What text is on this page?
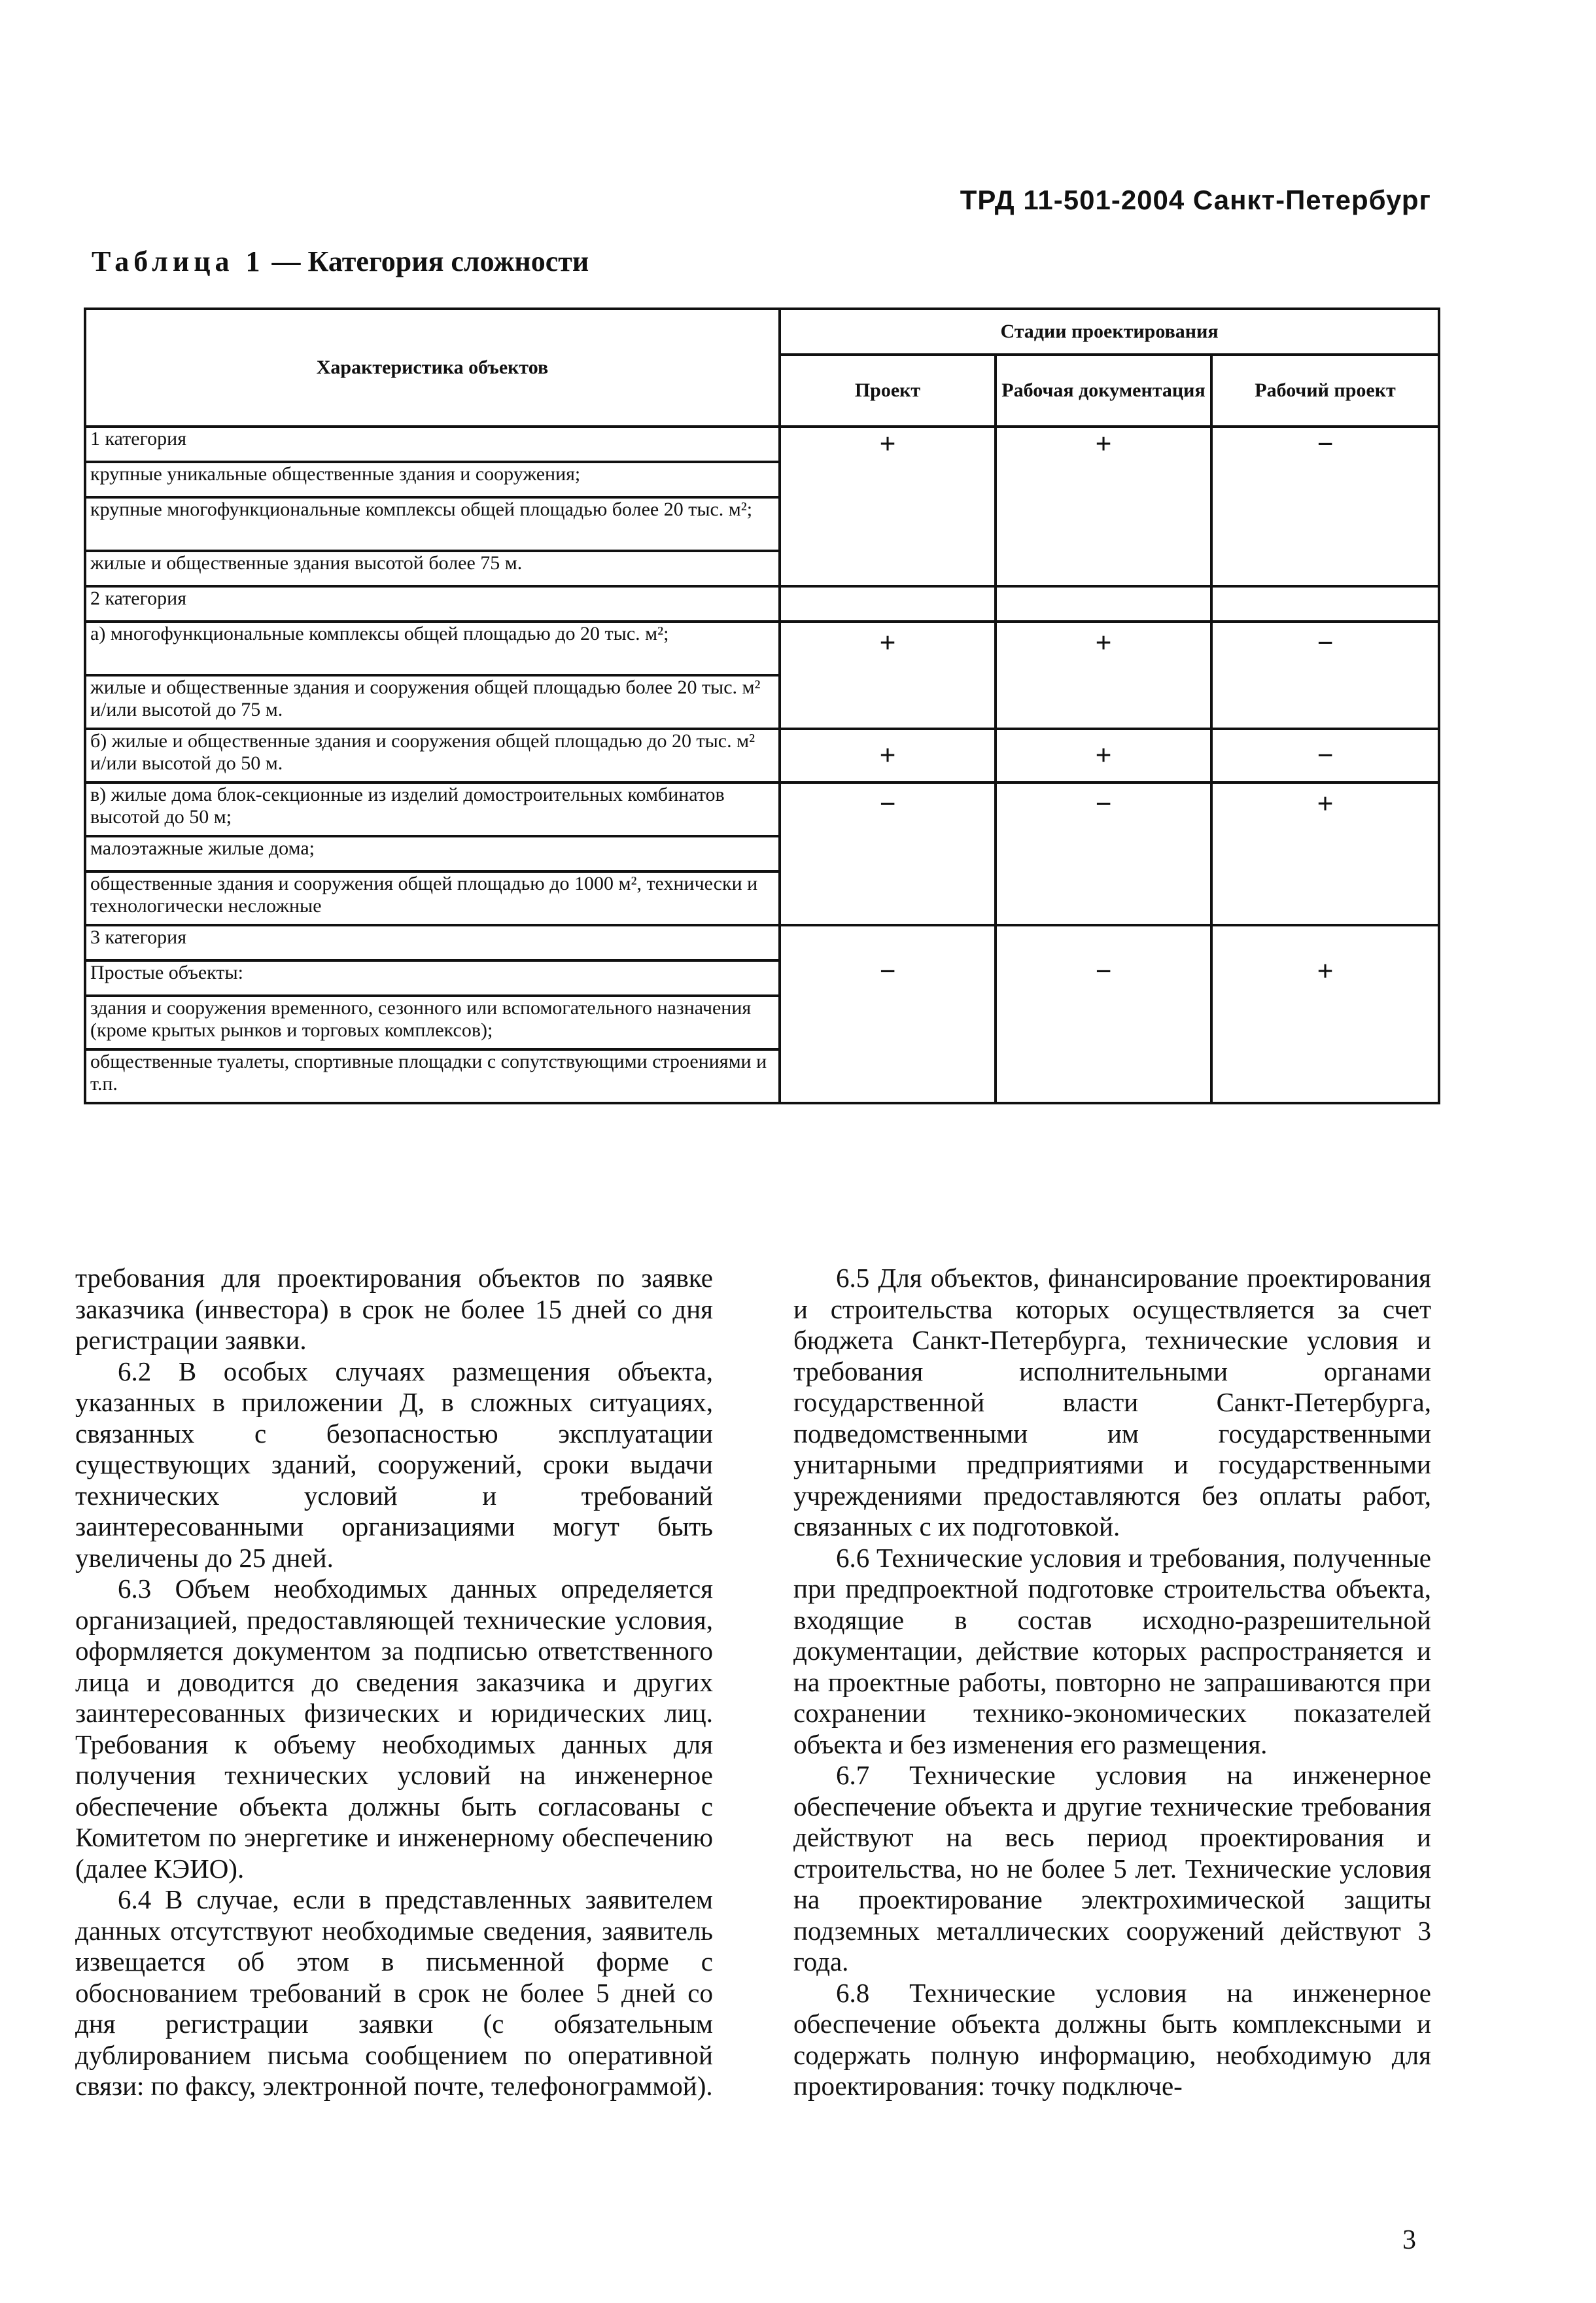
ТРД 11-501-2004 Санкт-Петербург
Таблица 1 — Категория сложности
Характеристика объектов	Стадии проектирования		
	Проект	Рабочая документация	Рабочий проект
1 категория	+	+	−
крупные уникальные общественные здания и сооружения;			
крупные многофункциональные комплексы общей площадью более 20 тыс. м²;			
жилые и общественные здания высотой более 75 м.			
2 категория			
а) многофункциональные комплексы общей площадью до 20 тыс. м²;	+	+	−
жилые и общественные здания и сооружения общей площадью более 20 тыс. м² и/или высотой до 75 м.			
б) жилые и общественные здания и сооружения общей площадью до 20 тыс. м² и/или высотой до 50 м.	+	+	−
в) жилые дома блок-секционные из изделий домостроительных комбинатов высотой до 50 м;	−	−	+
малоэтажные жилые дома;			
общественные здания и сооружения общей площадью до 1000 м², технически и технологически несложные			
3 категория	−	−	+
Простые объекты:			
здания и сооружения временного, сезонного или вспомогательного назначения (кроме крытых рынков и торговых комплексов);			
общественные туалеты, спортивные площадки с сопутствующими строениями и т.п.			

требования для проектирования объектов по заявке заказчика (инвестора) в срок не более 15 дней со дня регистрации заявки.

6.2 В особых случаях размещения объекта, указанных в приложении Д, в сложных ситуациях, связанных с безопасностью эксплуатации существующих зданий, сооружений, сроки выдачи технических условий и требований заинтересованными организациями могут быть увеличены до 25 дней.

6.3 Объем необходимых данных определяется организацией, предоставляющей технические условия, оформляется документом за подписью ответственного лица и доводится до сведения заказчика и других заинтересованных физических и юридических лиц. Требования к объему необходимых данных для получения технических условий на инженерное обеспечение объекта должны быть согласованы с Комитетом по энергетике и инженерному обеспечению (далее КЭИО).

6.4 В случае, если в представленных заявителем данных отсутствуют необходимые сведения, заявитель извещается об этом в письменной форме с обоснованием требований в срок не более 5 дней со дня регистрации заявки (с обязательным дублированием письма сообщением по оперативной связи: по факсу, электронной почте, телефонограммой).

6.5 Для объектов, финансирование проектирования и строительства которых осуществляется за счет бюджета Санкт-Петербурга, технические условия и требования исполнительными органами государственной власти Санкт-Петербурга, подведомственными им государственными унитарными предприятиями и государственными учреждениями предоставляются без оплаты работ, связанных с их подготовкой.

6.6 Технические условия и требования, полученные при предпроектной подготовке строительства объекта, входящие в состав исходно-разрешительной документации, действие которых распространяется и на проектные работы, повторно не запрашиваются при сохранении технико-экономических показателей объекта и без изменения его размещения.

6.7 Технические условия на инженерное обеспечение объекта и другие технические требования действуют на весь период проектирования и строительства, но не более 5 лет. Технические условия на проектирование электрохимической защиты подземных металлических сооружений действуют 3 года.

6.8 Технические условия на инженерное обеспечение объекта должны быть комплексными и содержать полную информацию, необходимую для проектирования: точку подключе-

3
